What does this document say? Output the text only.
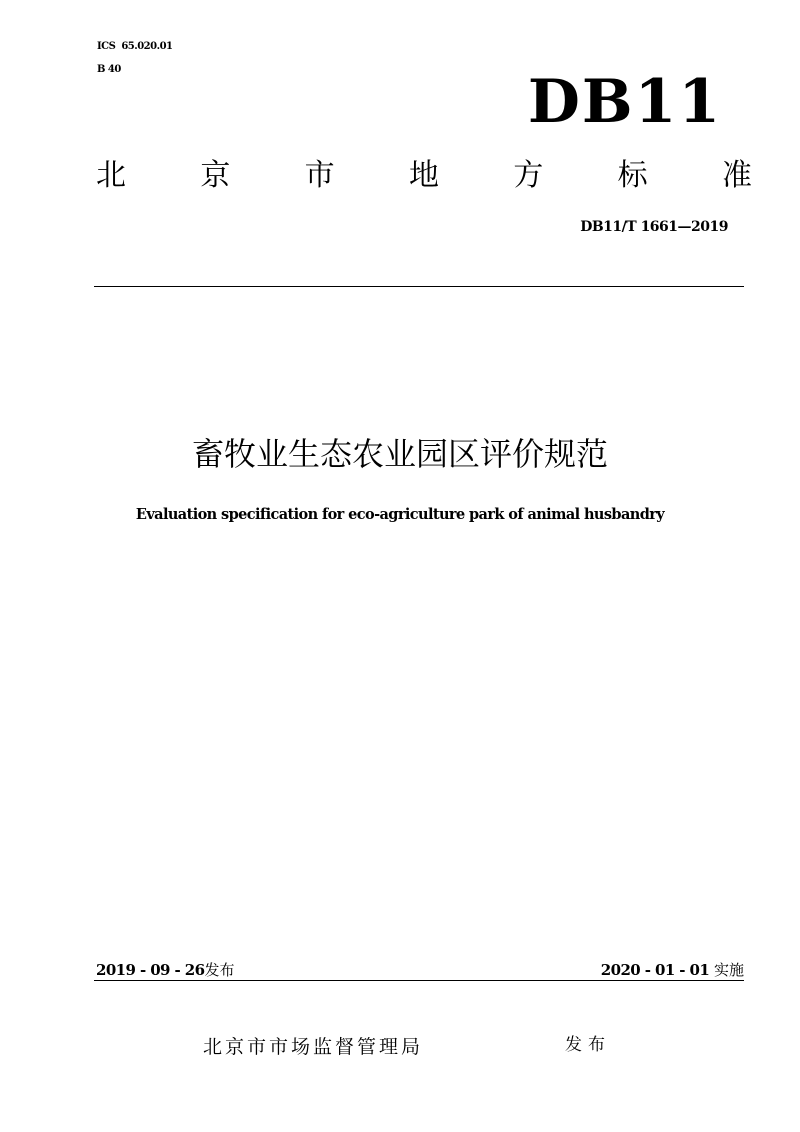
ICS  65.020.01
B 40	DB11
北 京 市 地 方 标 准
DB11/T 1661—2019
畜牧业生态农业园区评价规范
Evaluation specification for eco-agriculture park of animal husbandry
2019 - 09 - 26发布	2020 - 01 - 01 实施
北京市市场监督管理局	发布
